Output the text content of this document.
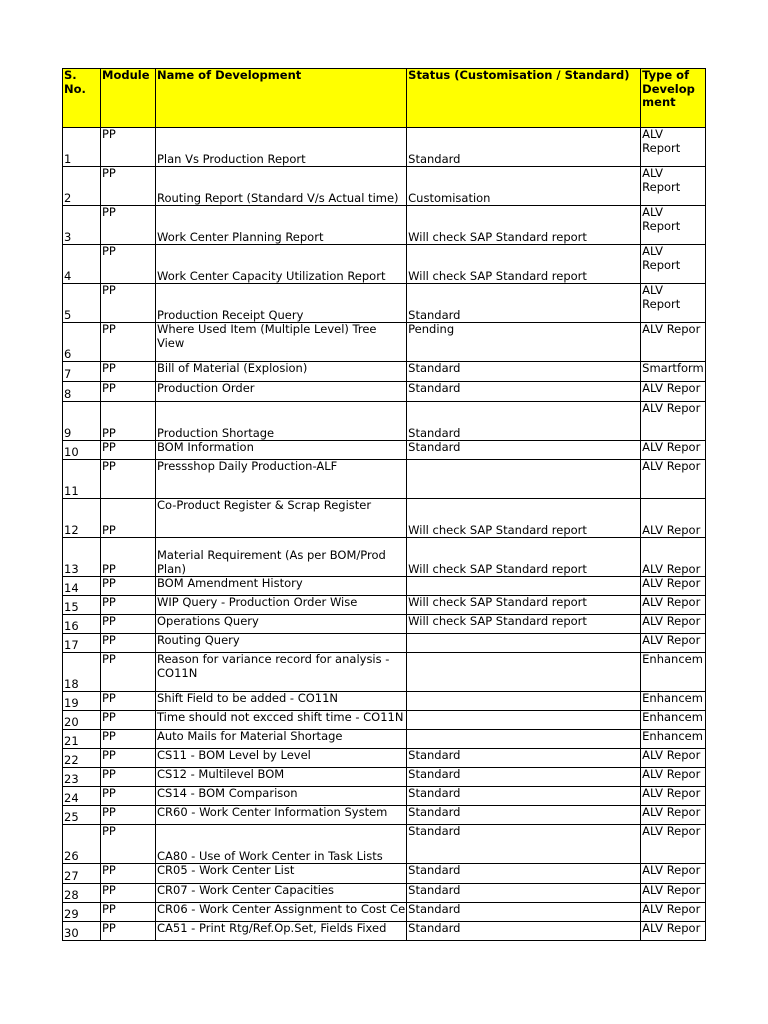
S. No.	Module	Name of Development	Status (Customisation / Standard)	Type of Develop ment
1	PP	Plan Vs Production Report	Standard	ALV Report
2	PP	Routing Report (Standard V/s Actual time)	Customisation	ALV Report
3	PP	Work Center Planning Report	Will check SAP Standard report	ALV Report
4	PP	Work Center Capacity Utilization Report	Will check SAP Standard report	ALV Report
5	PP	Production Receipt Query	Standard	ALV Report
6	PP	Where Used Item (Multiple Level) Tree View	Pending	ALV Repor
7	PP	Bill of Material (Explosion)	Standard	Smartform
8	PP	Production Order	Standard	ALV Repor
9	PP	Production Shortage	Standard	ALV Repor
10	PP	BOM Information	Standard	ALV Repor
11	PP	Pressshop Daily Production-ALF		ALV Repor
12	PP	Co-Product Register & Scrap Register	Will check SAP Standard report	ALV Repor
13	PP	Material Requirement (As per BOM/Prod Plan)	Will check SAP Standard report	ALV Repor
14	PP	BOM Amendment History		ALV Repor
15	PP	WIP Query - Production Order Wise	Will check SAP Standard report	ALV Repor
16	PP	Operations Query	Will check SAP Standard report	ALV Repor
17	PP	Routing Query		ALV Repor
18	PP	Reason for variance record for analysis - CO11N		Enhancem
19	PP	Shift Field to be added - CO11N		Enhancem
20	PP	Time should not excced shift time - CO11N		Enhancem
21	PP	Auto Mails for Material Shortage		Enhancem
22	PP	CS11 - BOM Level by Level	Standard	ALV Repor
23	PP	CS12 - Multilevel BOM	Standard	ALV Repor
24	PP	CS14 - BOM Comparison	Standard	ALV Repor
25	PP	CR60 - Work Center Information System	Standard	ALV Repor
26	PP	CA80 - Use of Work Center in Task Lists	Standard	ALV Repor
27	PP	CR05 - Work Center List	Standard	ALV Repor
28	PP	CR07 - Work Center Capacities	Standard	ALV Repor
29	PP	CR06 - Work Center Assignment to Cost Ce	Standard	ALV Repor
30	PP	CA51 - Print Rtg/Ref.Op.Set, Fields Fixed	Standard	ALV Repor
